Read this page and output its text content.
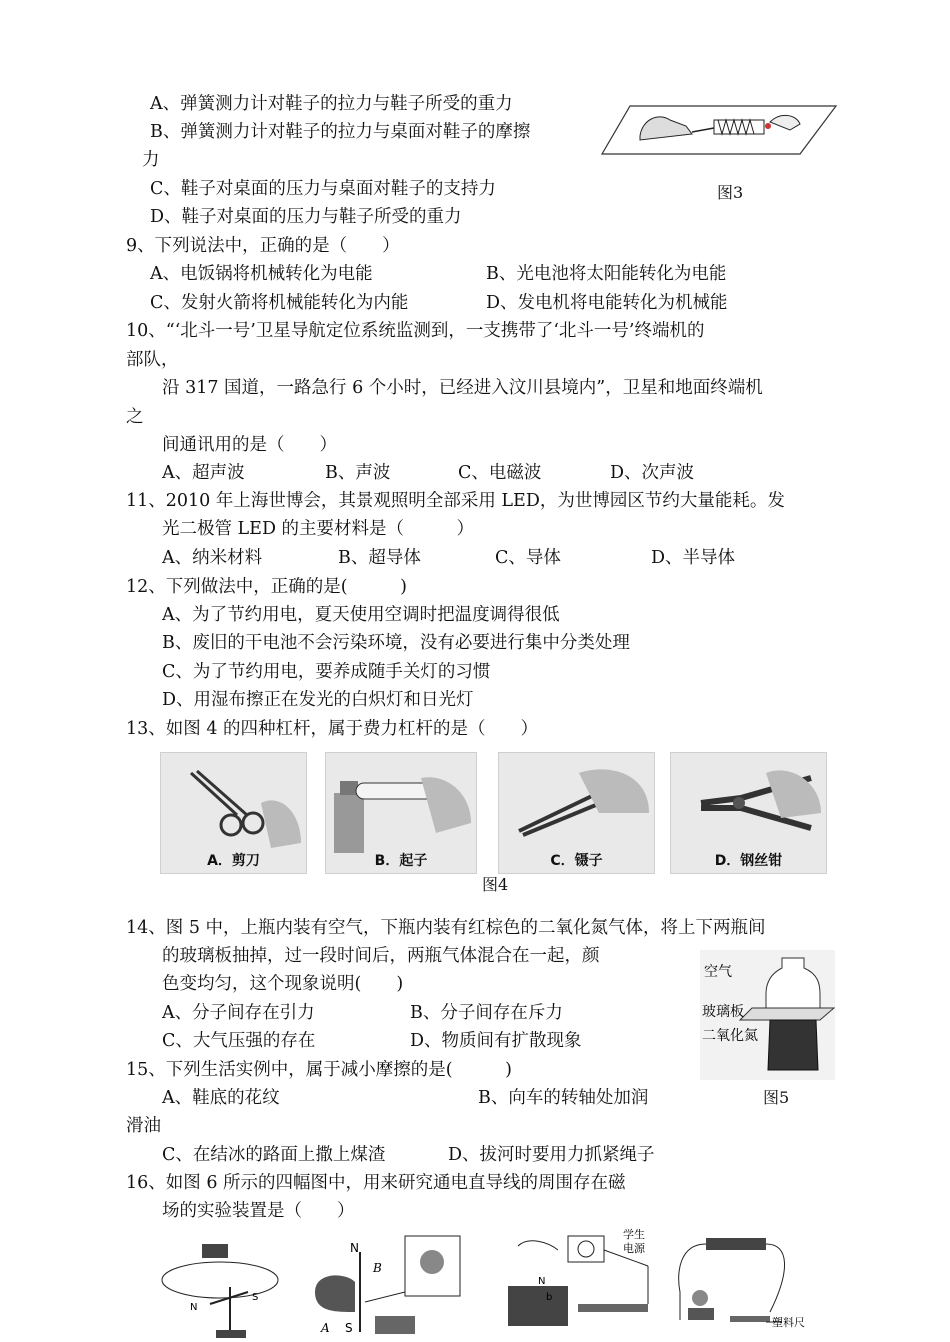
A、弹簧测力计对鞋子的拉力与鞋子所受的重力
B、弹簧测力计对鞋子的拉力与桌面对鞋子的摩擦
力
C、鞋子对桌面的压力与桌面对鞋子的支持力
D、鞋子对桌面的压力与鞋子所受的重力
图3
9、下列说法中，正确的是（　　）
A、电饭锅将机械转化为电能	B、光电池将太阳能转化为电能
C、发射火箭将机械能转化为内能	D、发电机将电能转化为机械能
10、“‘北斗一号’卫星导航定位系统监测到，一支携带了‘北斗一号’终端机的
部队，
沿 317 国道，一路急行 6 个小时，已经进入汶川县境内”，卫星和地面终端机
之
间通讯用的是（　　）
A、超声波	B、声波	C、电磁波	D、次声波
11、2010 年上海世博会，其景观照明全部采用 LED，为世博园区节约大量能耗。发
光二极管 LED 的主要材料是（　　　）
A、纳米材料	B、超导体	C、导体	D、半导体
12、下列做法中，正确的是(　　　)
A、为了节约用电，夏天使用空调时把温度调得很低
B、废旧的干电池不会污染环境，没有必要进行集中分类处理
C、为了节约用电，要养成随手关灯的习惯
D、用湿布擦正在发光的白炽灯和日光灯
13、如图 4 的四种杠杆，属于费力杠杆的是（　　）
A．剪刀	B．起子	C．镊子	D．钢丝钳
图4
14、图 5 中，上瓶内装有空气，下瓶内装有红棕色的二氧化氮气体，将上下两瓶间
的玻璃板抽掉，过一段时间后，两瓶气体混合在一起，颜
色变均匀，这个现象说明(　　)
A、分子间存在引力	B、分子间存在斥力
C、大气压强的存在	D、物质间有扩散现象
空气
玻璃板
二氧化氮
图5
15、下列生活实例中，属于减小摩擦的是(　　　)
A、鞋底的花纹	B、向车的转轴处加润
滑油
C、在结冰的路面上撒上煤渣	D、拔河时要用力抓紧绳子
16、如图 6 所示的四幅图中，用来研究通电直导线的周围存在磁
场的实验装置是（　　）
N
S
N
B
A S
学生
电源
N
b
塑料尺
